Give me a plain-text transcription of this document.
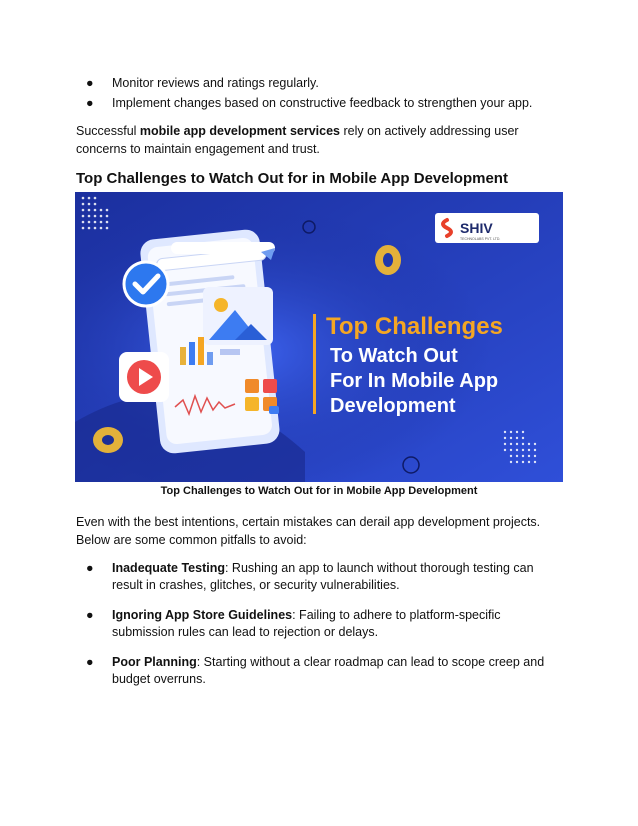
● Monitor reviews and ratings regularly.
● Implement changes based on constructive feedback to strengthen your app.

Successful mobile app development services rely on actively addressing user concerns to maintain engagement and trust.

Top Challenges to Watch Out for in Mobile App Development
SHIV
TECHNOLABS PVT. LTD.
Top Challenges
To Watch Out
For In Mobile App
Development

Top Challenges to Watch Out for in Mobile App Development

Even with the best intentions, certain mistakes can derail app development projects. Below are some common pitfalls to avoid:

● Inadequate Testing: Rushing an app to launch without thorough testing can result in crashes, glitches, or security vulnerabilities.
● Ignoring App Store Guidelines: Failing to adhere to platform-specific submission rules can lead to rejection or delays.
● Poor Planning: Starting without a clear roadmap can lead to scope creep and budget overruns.
